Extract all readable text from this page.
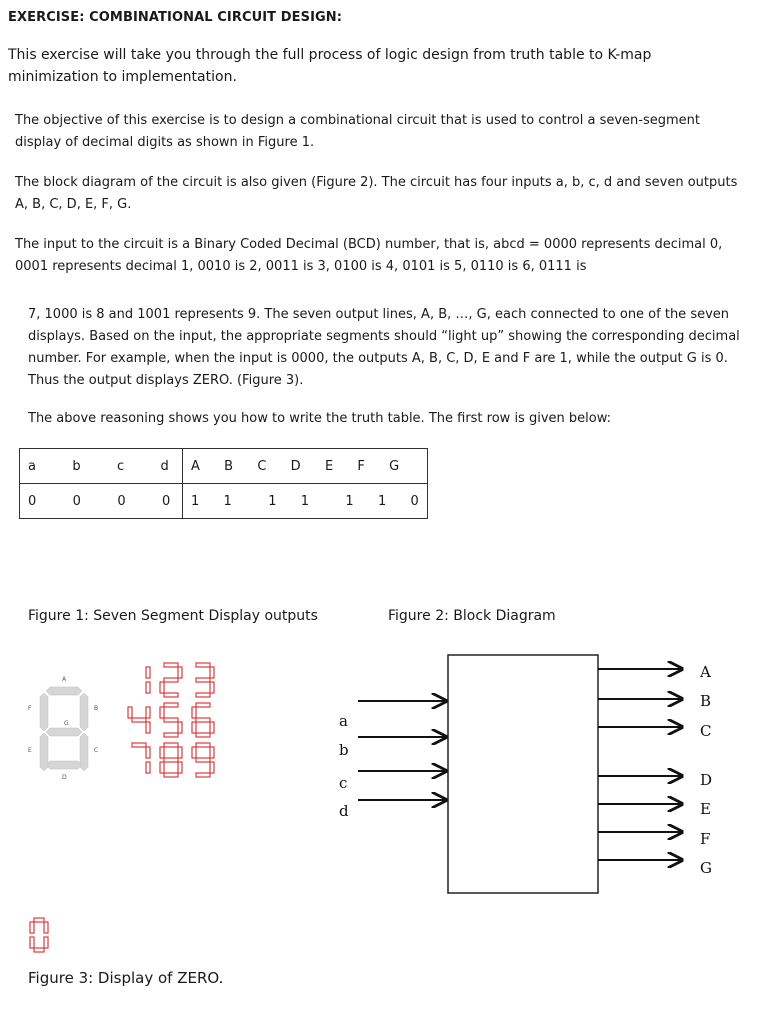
EXERCISE: COMBINATIONAL CIRCUIT DESIGN:
This exercise will take you through the full process of logic design from truth table to K-map minimization to implementation.
The objective of this exercise is to design a combinational circuit that is used to control a seven-segment display of decimal digits as shown in Figure 1.
The block diagram of the circuit is also given (Figure 2). The circuit has four inputs a, b, c, d and seven outputs A, B, C, D, E, F, G.
The input to the circuit is a Binary Coded Decimal (BCD) number, that is, abcd = 0000 represents decimal 0, 0001 represents decimal 1, 0010 is 2, 0011 is 3, 0100 is 4, 0101 is 5, 0110 is 6, 0111 is
7, 1000 is 8 and 1001 represents 9. The seven output lines, A, B, …, G, each connected to one of the seven displays. Based on the input, the appropriate segments should “light up” showing the corresponding decimal number. For example, when the input is 0000, the outputs A, B, C, D, E and F are 1, while the output G is 0. Thus the output displays ZERO. (Figure 3).
The above reasoning shows you how to write the truth table. The first row is given below:
a   b   c   d	A  B  C  D  E  F  G
0   0   0   0	1  1   1  1   1  1  0
Figure 1: Seven Segment Display outputs	Figure 2: Block Diagram
A
B
C
D
E
F
G	a
b
c
d
A
B
C
D
E
F
G
Figure 3: Display of ZERO.
